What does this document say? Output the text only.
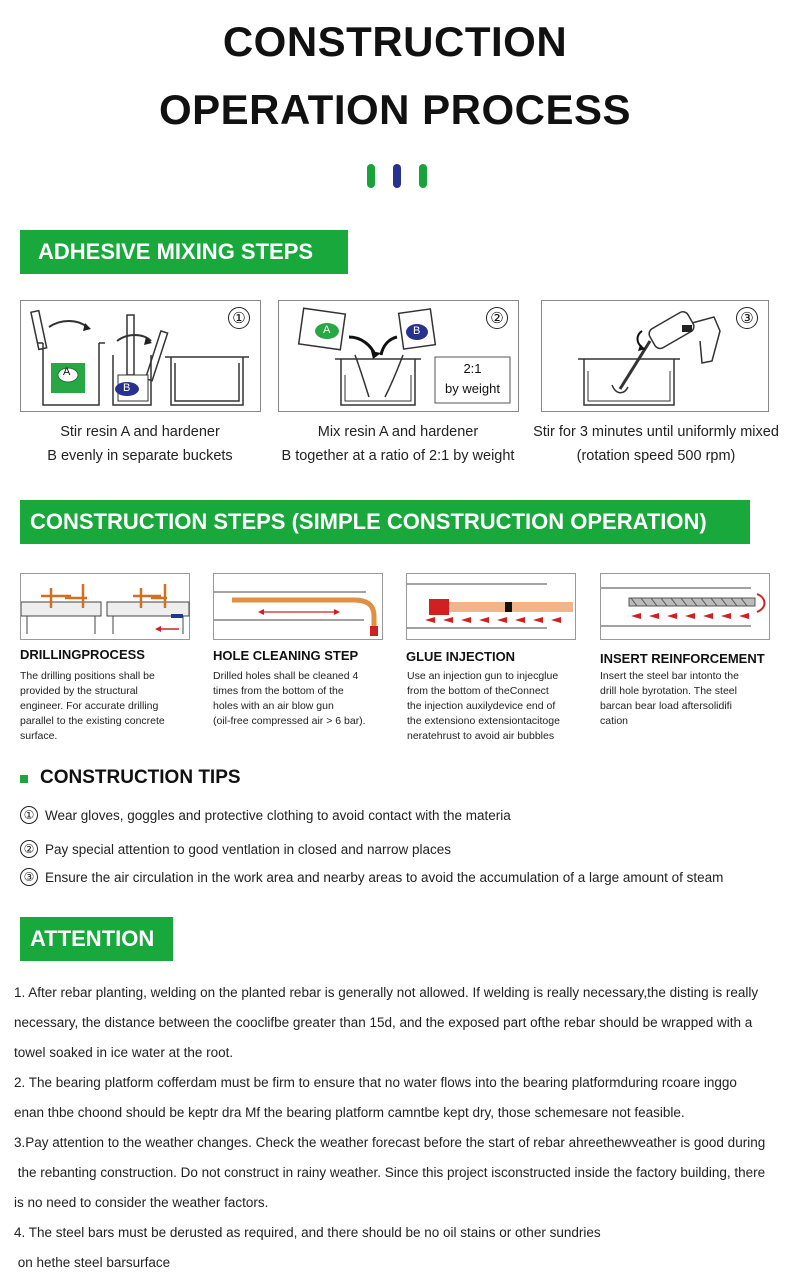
CONSTRUCTION
OPERATION PROCESS
ADHESIVE MIXING STEPS
①
A
B
Stir resin A and hardener
B evenly in separate buckets
②
A	B
2:1
by weight
Mix resin A and hardener
B together at a ratio of 2:1 by weight
③
Stir for 3 minutes until uniformly mixed
(rotation speed 500 rpm)
CONSTRUCTION STEPS (SIMPLE CONSTRUCTION OPERATION)
DRILLINGPROCESS
The drilling positions shall be
provided by the structural
engineer. For accurate drilling
parallel to the existing concrete
surface.
HOLE CLEANING STEP
Drilled holes shall be cleaned 4
times from the bottom of the
holes with an air blow gun
(oil-free compressed air > 6 bar).
GLUE INJECTION
Use an injection gun to injecglue
from the bottom of theConnect
the injection auxilydevice end of
the extensiono extensiontacitoge
neratehrust to avoid air bubbles
INSERT REINFORCEMENT
Insert the steel bar intonto the
drill hole byrotation. The steel
barcan bear load aftersolidifi
cation
CONSTRUCTION TIPS
① Wear gloves, goggles and protective clothing to avoid contact with the materia
② Pay special attention to good ventlation in closed and narrow places
③ Ensure the air circulation in the work area and nearby areas to avoid the accumulation of a large amount of steam
ATTENTION
1. After rebar planting, welding on the planted rebar is generally not allowed. If welding is really necessary,the disting is really
necessary, the distance between the cooclifbe greater than 15d, and the exposed part ofthe rebar should be wrapped with a
towel soaked in ice water at the root.
2. The bearing platform cofferdam must be firm to ensure that no water flows into the bearing platformduring rcoare inggo
enan thbe choond should be keptr dra Mf the bearing platform camntbe kept dry, those schemesare not feasible.
3.Pay attention to the weather changes. Check the weather forecast before the start of rebar ahreethewveather is good during
the rebanting construction. Do not construct in rainy weather. Since this project isconstructed inside the factory building, there
is no need to consider the weather factors.
4. The steel bars must be derusted as required, and there should be no oil stains or other sundries
on hethe steel barsurface
